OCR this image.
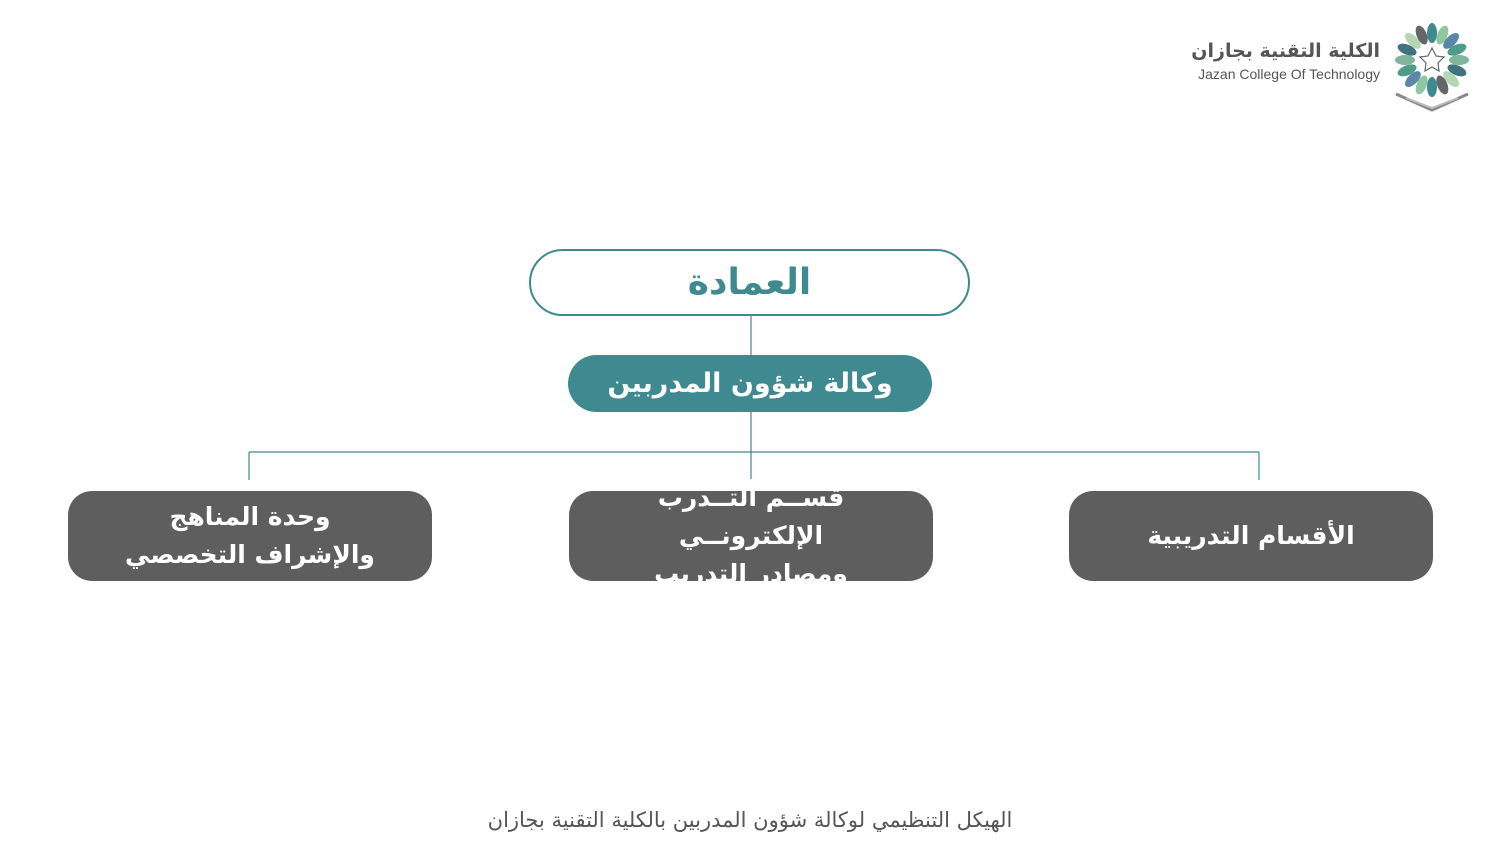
الكلية التقنية بجازان
Jazan College Of Technology
العمادة
وكالة شؤون المدربين
الأقسام التدريبية
قســم التــدرب الإلكترونــي
ومصادر التدريب
وحدة المناهج
والإشراف التخصصي
الهيكل التنظيمي لوكالة شؤون المدربين بالكلية التقنية بجازان
